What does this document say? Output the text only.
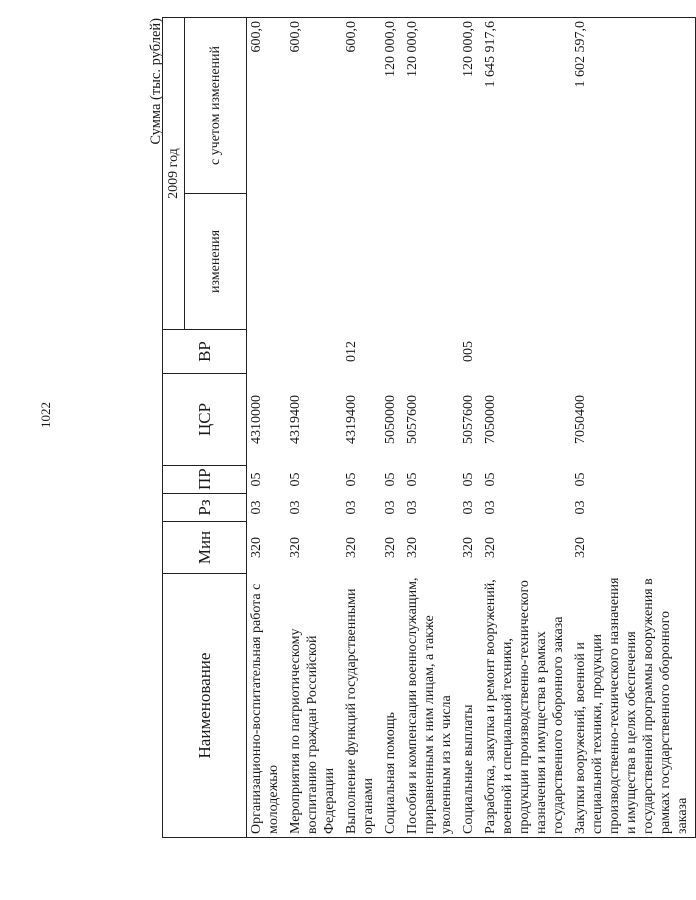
1022
Сумма (тыс. рублей)
Наименование	Мин	Рз	ПР	ЦСР	ВР	2009 год	
						изменения	с учетом изменений
Организационно-воспитательная работа с молодежью	320	03	05	4310000			600,0
Мероприятия по патриотическому воспитанию граждан Российской Федерации	320	03	05	4319400			600,0
Выполнение функций государственными органами	320	03	05	4319400	012		600,0
Социальная помощь	320	03	05	5050000			120 000,0
Пособия и компенсации военнослужащим, приравненным к ним лицам, а также уволенным из их числа	320	03	05	5057600			120 000,0
Социальные выплаты	320	03	05	5057600	005		120 000,0
Разработка, закупка и ремонт вооружений, военной и специальной техники, продукции производственно-технического назначения и имущества в рамках государственного оборонного заказа	320	03	05	7050000			1 645 917,6
Закупки вооружений, военной и специальной техники, продукции производственно-технического назначения и имущества в целях обеспечения государственной программы вооружения в рамках государственного оборонного заказа	320	03	05	7050400			1 602 597,0
